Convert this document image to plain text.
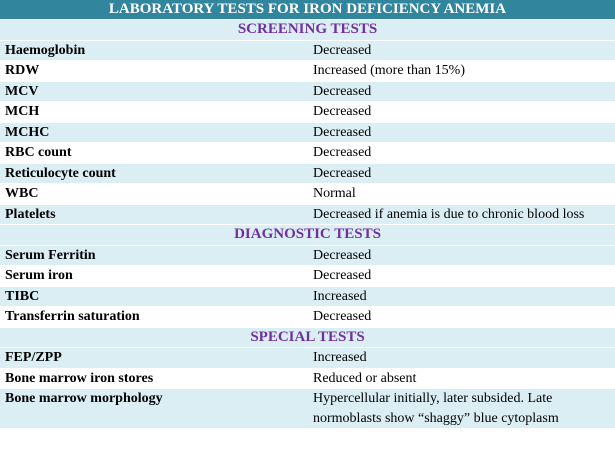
LABORATORY TESTS FOR IRON DEFICIENCY ANEMIA	
SCREENING TESTS	
Haemoglobin	Decreased
RDW	Increased (more than 15%)
MCV	Decreased
MCH	Decreased
MCHC	Decreased
RBC count	Decreased
Reticulocyte count	Decreased
WBC	Normal
Platelets	Decreased if anemia is due to chronic blood loss
DIAGNOSTIC TESTS	
Serum Ferritin	Decreased
Serum iron	Decreased
TIBC	Increased
Transferrin saturation	Decreased
SPECIAL TESTS	
FEP/ZPP	Increased
Bone marrow iron stores	Reduced or absent
Bone marrow morphology	Hypercellular initially, later subsided. Late normoblasts show “shaggy” blue cytoplasm
